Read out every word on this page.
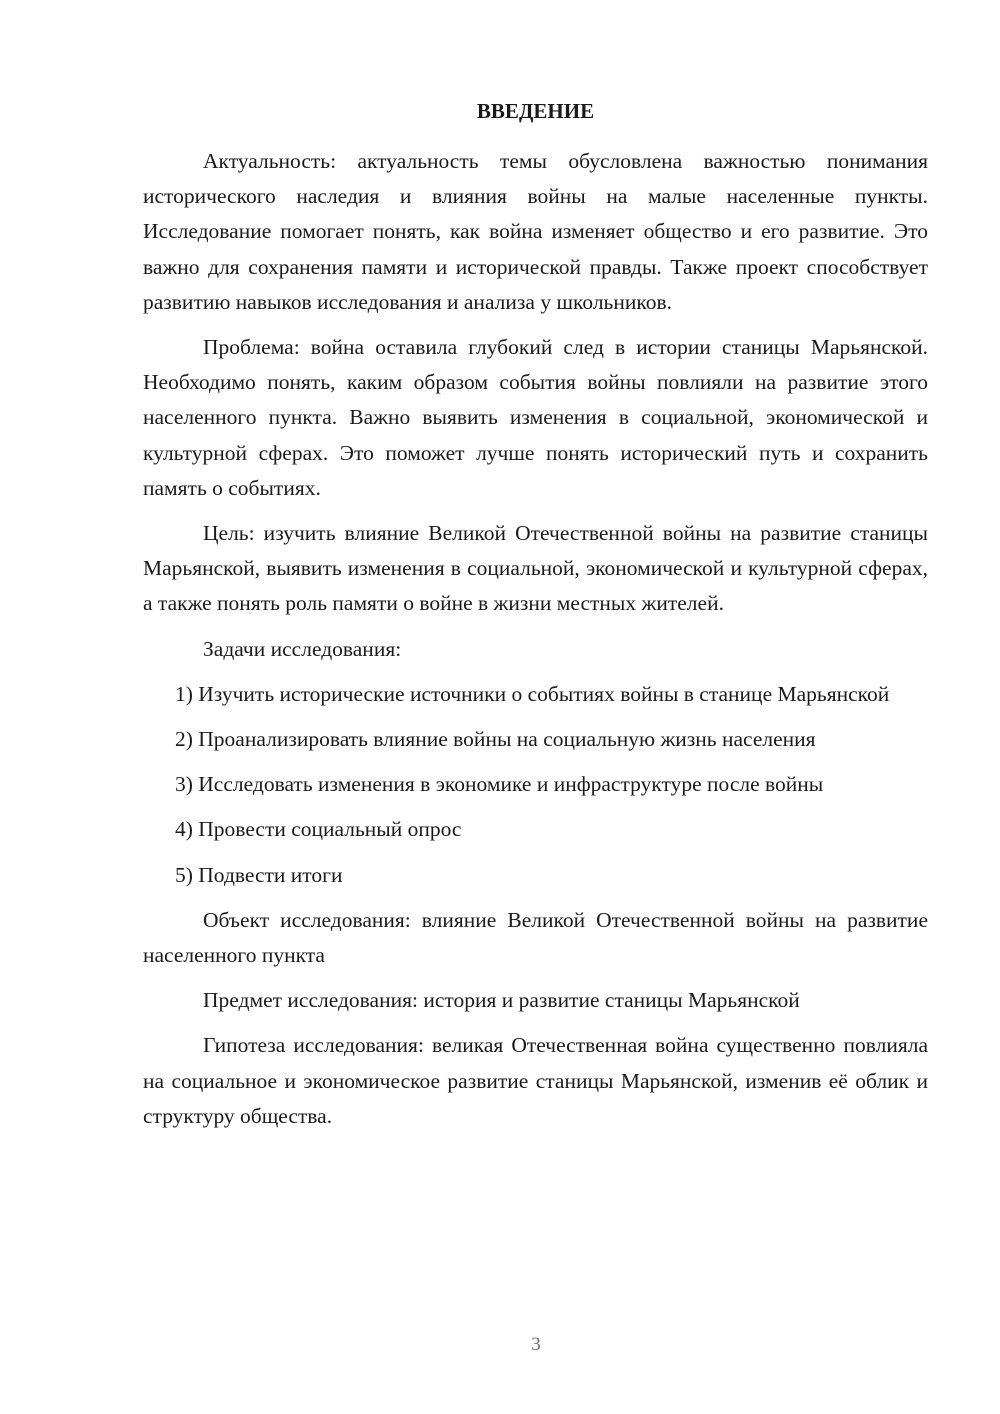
ВВЕДЕНИЕ

Актуальность: актуальность темы обусловлена важностью понимания исторического наследия и влияния войны на малые населенные пункты. Исследование помогает понять, как война изменяет общество и его развитие. Это важно для сохранения памяти и исторической правды. Также проект способствует развитию навыков исследования и анализа у школьников.

Проблема: война оставила глубокий след в истории станицы Марьянской. Необходимо понять, каким образом события войны повлияли на развитие этого населенного пункта. Важно выявить изменения в социальной, экономической и культурной сферах. Это поможет лучше понять исторический путь и сохранить память о событиях.

Цель: изучить влияние Великой Отечественной войны на развитие станицы Марьянской, выявить изменения в социальной, экономической и культурной сферах, а также понять роль памяти о войне в жизни местных жителей.

Задачи исследования:

1) Изучить исторические источники о событиях войны в станице Марьянской

2) Проанализировать влияние войны на социальную жизнь населения

3) Исследовать изменения в экономике и инфраструктуре после войны

4) Провести социальный опрос

5) Подвести итоги

Объект исследования: влияние Великой Отечественной войны на развитие населенного пункта

Предмет исследования: история и развитие станицы Марьянской

Гипотеза исследования: великая Отечественная война существенно повлияла на социальное и экономическое развитие станицы Марьянской, изменив её облик и структуру общества.

3
